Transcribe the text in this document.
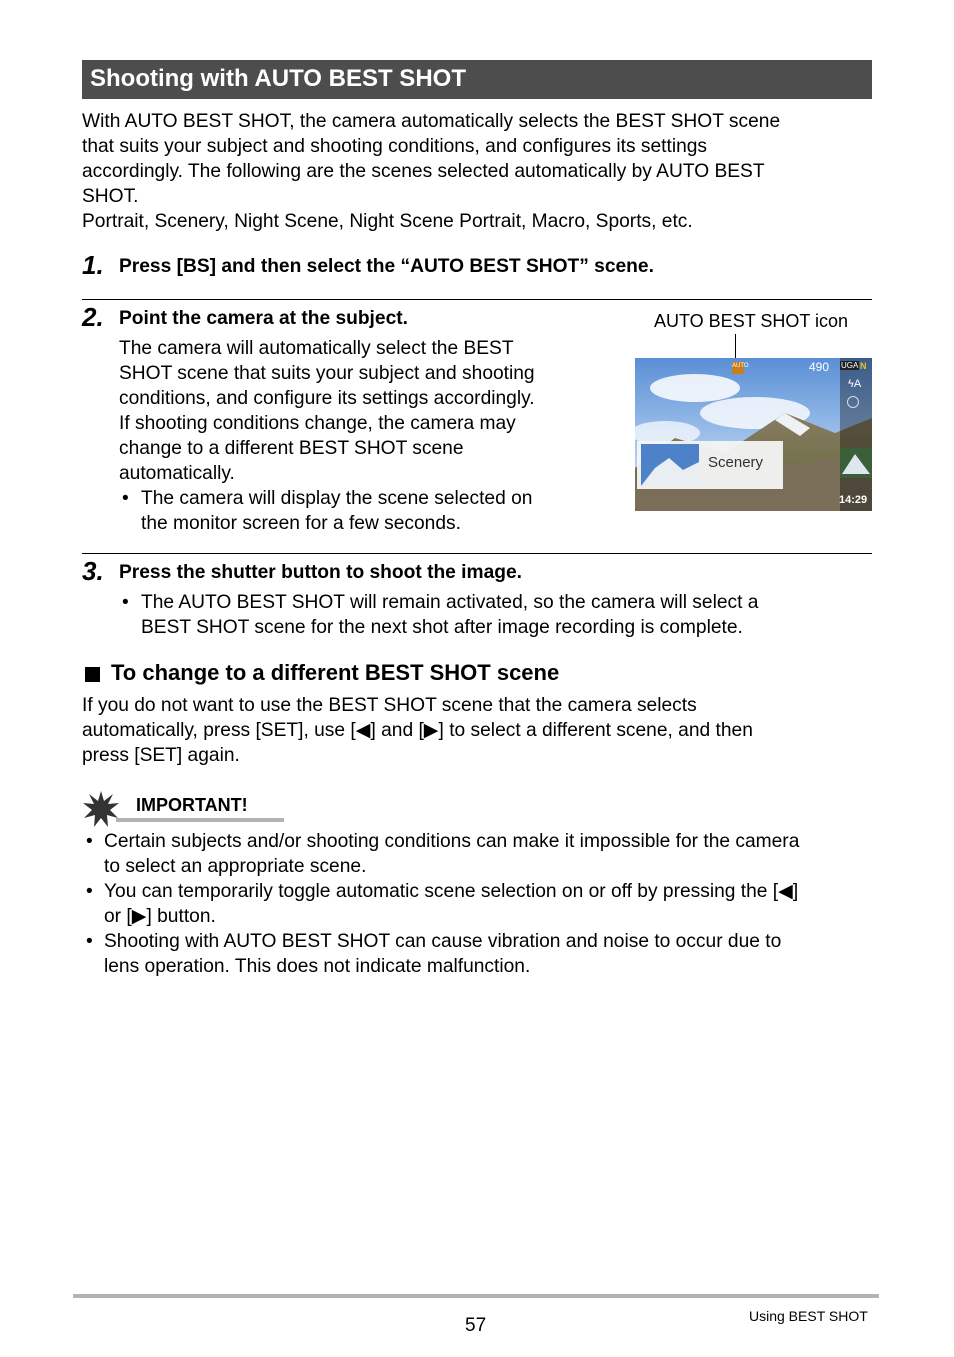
Shooting with AUTO BEST SHOT
With AUTO BEST SHOT, the camera automatically selects the BEST SHOT scene
that suits your subject and shooting conditions, and configures its settings
accordingly. The following are the scenes selected automatically by AUTO BEST
SHOT.
Portrait, Scenery, Night Scene, Night Scene Portrait, Macro, Sports, etc.
1. Press [BS] and then select the “AUTO BEST SHOT” scene.
2. Point the camera at the subject.
The camera will automatically select the BEST
SHOT scene that suits your subject and shooting
conditions, and configure its settings accordingly.
If shooting conditions change, the camera may
change to a different BEST SHOT scene
automatically.
• The camera will display the scene selected on
the monitor screen for a few seconds.
AUTO BEST SHOT icon
Scenery
AUTO	490 UGA N
ϟA
14:29
3. Press the shutter button to shoot the image.
• The AUTO BEST SHOT will remain activated, so the camera will select a
BEST SHOT scene for the next shot after image recording is complete.
To change to a different BEST SHOT scene
If you do not want to use the BEST SHOT scene that the camera selects
automatically, press [SET], use [◀] and [▶] to select a different scene, and then
press [SET] again.
IMPORTANT!
• Certain subjects and/or shooting conditions can make it impossible for the camera
to select an appropriate scene.
• You can temporarily toggle automatic scene selection on or off by pressing the [◀]
or [▶] button.
• Shooting with AUTO BEST SHOT can cause vibration and noise to occur due to
lens operation. This does not indicate malfunction.
57	Using BEST SHOT
